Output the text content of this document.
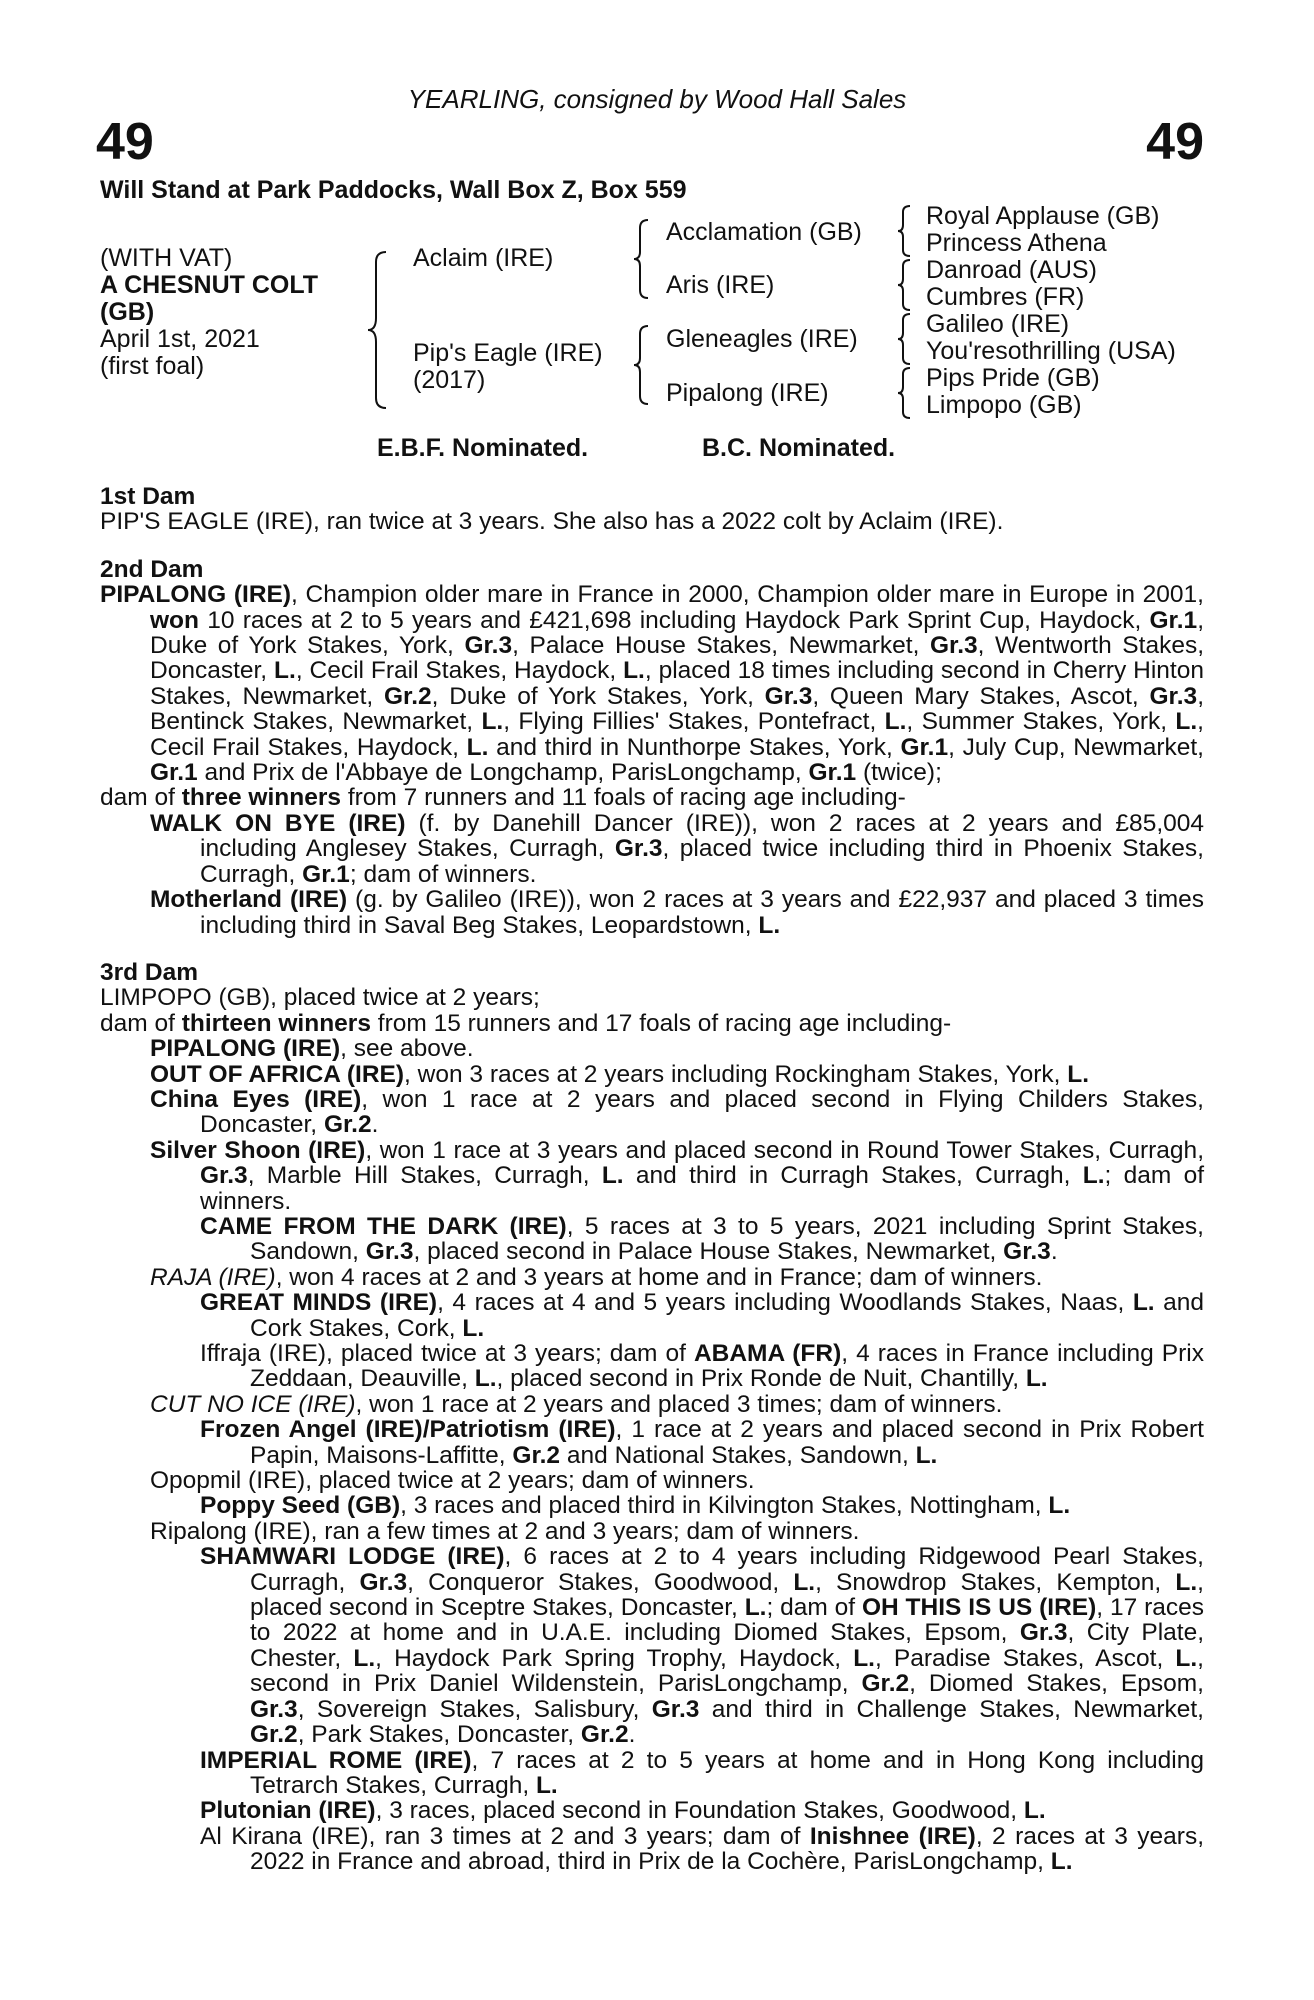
YEARLING, consigned by Wood Hall Sales
49	49
Will Stand at Park Paddocks, Wall Box Z, Box 559
(WITH VAT)
A CHESNUT COLT
(GB)
April 1st, 2021
(first foal)
Aclaim (IRE)
Pip's Eagle (IRE)
(2017)
Acclamation (GB)
Aris (IRE)
Gleneagles (IRE)
Pipalong (IRE)
Royal Applause (GB)
Princess Athena
Danroad (AUS)
Cumbres (FR)
Galileo (IRE)
You'resothrilling (USA)
Pips Pride (GB)
Limpopo (GB)
E.B.F. Nominated.	B.C. Nominated.

1st Dam

PIP'S EAGLE (IRE), ran twice at 3 years. She also has a 2022 colt by Aclaim (IRE).

2nd Dam

PIPALONG (IRE), Champion older mare in France in 2000, Champion older mare in Europe in 2001, won 10 races at 2 to 5 years and £421,698 including Haydock Park Sprint Cup, Haydock, Gr.1, Duke of York Stakes, York, Gr.3, Palace House Stakes, Newmarket, Gr.3, Wentworth Stakes, Doncaster, L., Cecil Frail Stakes, Haydock, L., placed 18 times including second in Cherry Hinton Stakes, Newmarket, Gr.2, Duke of York Stakes, York, Gr.3, Queen Mary Stakes, Ascot, Gr.3, Bentinck Stakes, Newmarket, L., Flying Fillies' Stakes, Pontefract, L., Summer Stakes, York, L., Cecil Frail Stakes, Haydock, L. and third in Nunthorpe Stakes, York, Gr.1, July Cup, Newmarket, Gr.1 and Prix de l'Abbaye de Longchamp, ParisLongchamp, Gr.1 (twice);

dam of three winners from 7 runners and 11 foals of racing age including-

WALK ON BYE (IRE) (f. by Danehill Dancer (IRE)), won 2 races at 2 years and £85,004 including Anglesey Stakes, Curragh, Gr.3, placed twice including third in Phoenix Stakes, Curragh, Gr.1; dam of winners.

Motherland (IRE) (g. by Galileo (IRE)), won 2 races at 3 years and £22,937 and placed 3 times including third in Saval Beg Stakes, Leopardstown, L.

3rd Dam

LIMPOPO (GB), placed twice at 2 years;

dam of thirteen winners from 15 runners and 17 foals of racing age including-

PIPALONG (IRE), see above.

OUT OF AFRICA (IRE), won 3 races at 2 years including Rockingham Stakes, York, L.

China Eyes (IRE), won 1 race at 2 years and placed second in Flying Childers Stakes, Doncaster, Gr.2.

Silver Shoon (IRE), won 1 race at 3 years and placed second in Round Tower Stakes, Curragh, Gr.3, Marble Hill Stakes, Curragh, L. and third in Curragh Stakes, Curragh, L.; dam of winners.

CAME FROM THE DARK (IRE), 5 races at 3 to 5 years, 2021 including Sprint Stakes, Sandown, Gr.3, placed second in Palace House Stakes, Newmarket, Gr.3.

RAJA (IRE), won 4 races at 2 and 3 years at home and in France; dam of winners.

GREAT MINDS (IRE), 4 races at 4 and 5 years including Woodlands Stakes, Naas, L. and Cork Stakes, Cork, L.

Iffraja (IRE), placed twice at 3 years; dam of ABAMA (FR), 4 races in France including Prix Zeddaan, Deauville, L., placed second in Prix Ronde de Nuit, Chantilly, L.

CUT NO ICE (IRE), won 1 race at 2 years and placed 3 times; dam of winners.

Frozen Angel (IRE)/Patriotism (IRE), 1 race at 2 years and placed second in Prix Robert Papin, Maisons-Laffitte, Gr.2 and National Stakes, Sandown, L.

Opopmil (IRE), placed twice at 2 years; dam of winners.

Poppy Seed (GB), 3 races and placed third in Kilvington Stakes, Nottingham, L.

Ripalong (IRE), ran a few times at 2 and 3 years; dam of winners.

SHAMWARI LODGE (IRE), 6 races at 2 to 4 years including Ridgewood Pearl Stakes, Curragh, Gr.3, Conqueror Stakes, Goodwood, L., Snowdrop Stakes, Kempton, L., placed second in Sceptre Stakes, Doncaster, L.; dam of OH THIS IS US (IRE), 17 races to 2022 at home and in U.A.E. including Diomed Stakes, Epsom, Gr.3, City Plate, Chester, L., Haydock Park Spring Trophy, Haydock, L., Paradise Stakes, Ascot, L., second in Prix Daniel Wildenstein, ParisLongchamp, Gr.2, Diomed Stakes, Epsom, Gr.3, Sovereign Stakes, Salisbury, Gr.3 and third in Challenge Stakes, Newmarket, Gr.2, Park Stakes, Doncaster, Gr.2.

IMPERIAL ROME (IRE), 7 races at 2 to 5 years at home and in Hong Kong including Tetrarch Stakes, Curragh, L.

Plutonian (IRE), 3 races, placed second in Foundation Stakes, Goodwood, L.

Al Kirana (IRE), ran 3 times at 2 and 3 years; dam of Inishnee (IRE), 2 races at 3 years, 2022 in France and abroad, third in Prix de la Cochère, ParisLongchamp, L.
